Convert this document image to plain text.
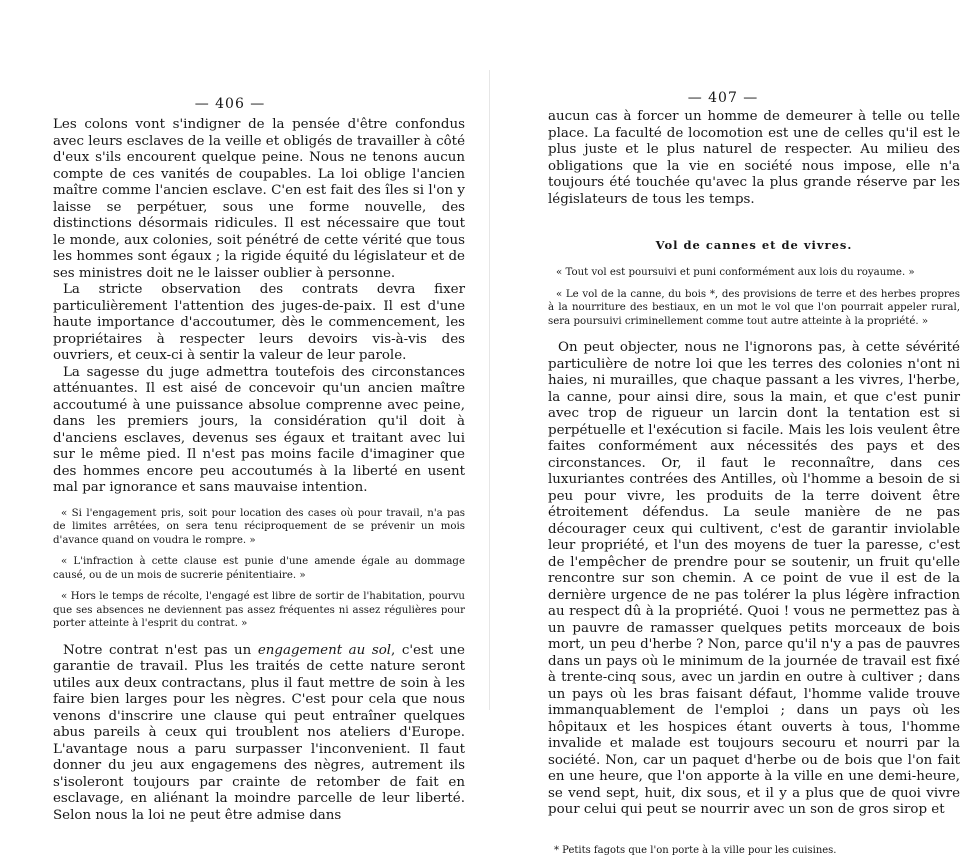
— 406 —

Les colons vont s'indigner de la pensée d'être confondus avec leurs esclaves de la veille et obligés de travailler à côté d'eux s'ils encourent quelque peine. Nous ne tenons aucun compte de ces vanités de coupables. La loi oblige l'ancien maître comme l'ancien esclave. C'en est fait des îles si l'on y laisse se perpétuer, sous une forme nouvelle, des distinctions désormais ridicules. Il est nécessaire que tout le monde, aux colonies, soit pénétré de cette vérité que tous les hommes sont égaux ; la rigide équité du législateur et de ses ministres doit ne le laisser oublier à personne.

La stricte observation des contrats devra fixer particulièrement l'attention des juges-de-paix. Il est d'une haute importance d'accoutumer, dès le commencement, les propriétaires à respecter leurs devoirs vis-à-vis des ouvriers, et ceux-ci à sentir la valeur de leur parole.

La sagesse du juge admettra toutefois des circonstances atténuantes. Il est aisé de concevoir qu'un ancien maître accoutumé à une puissance absolue comprenne avec peine, dans les premiers jours, la considération qu'il doit à d'anciens esclaves, devenus ses égaux et traitant avec lui sur le même pied. Il n'est pas moins facile d'imaginer que des hommes encore peu accoutumés à la liberté en usent mal par ignorance et sans mauvaise intention.

« Si l'engagement pris, soit pour location des cases où pour travail, n'a pas de limites arrêtées, on sera tenu réciproquement de se prévenir un mois d'avance quand on voudra le rompre. »

« L'infraction à cette clause est punie d'une amende égale au dommage causé, ou de un mois de sucrerie pénitentiaire. »

« Hors le temps de récolte, l'engagé est libre de sortir de l'habitation, pourvu que ses absences ne deviennent pas assez fréquentes ni assez régulières pour porter atteinte à l'esprit du contrat. »

Notre contrat n'est pas un engagement au sol, c'est une garantie de travail. Plus les traités de cette nature seront utiles aux deux contractans, plus il faut mettre de soin à les faire bien larges pour les nègres. C'est pour cela que nous venons d'inscrire une clause qui peut entraîner quelques abus pareils à ceux qui troublent nos ateliers d'Europe. L'avantage nous a paru surpasser l'inconvenient. Il faut donner du jeu aux engagemens des nègres, autrement ils s'isoleront toujours par crainte de retomber de fait en esclavage, en aliénant la moindre parcelle de leur liberté. Selon nous la loi ne peut être admise dans

— 407 —

aucun cas à forcer un homme de demeurer à telle ou telle place. La faculté de locomotion est une de celles qu'il est le plus juste et le plus naturel de respecter. Au milieu des obligations que la vie en société nous impose, elle n'a toujours été touchée qu'avec la plus grande réserve par les législateurs de tous les temps.

Vol de cannes et de vivres.

« Tout vol est poursuivi et puni conformément aux lois du royaume. »

« Le vol de la canne, du bois *, des provisions de terre et des herbes propres à la nourriture des bestiaux, en un mot le vol que l'on pourrait appeler rural, sera poursuivi criminellement comme tout autre atteinte à la propriété. »

On peut objecter, nous ne l'ignorons pas, à cette sévérité particulière de notre loi que les terres des colonies n'ont ni haies, ni murailles, que chaque passant a les vivres, l'herbe, la canne, pour ainsi dire, sous la main, et que c'est punir avec trop de rigueur un larcin dont la tentation est si perpétuelle et l'exécution si facile. Mais les lois veulent être faites conformément aux nécessités des pays et des circonstances. Or, il faut le reconnaître, dans ces luxuriantes contrées des Antilles, où l'homme a besoin de si peu pour vivre, les produits de la terre doivent être étroitement défendus. La seule manière de ne pas décourager ceux qui cultivent, c'est de garantir inviolable leur propriété, et l'un des moyens de tuer la paresse, c'est de l'empêcher de prendre pour se soutenir, un fruit qu'elle rencontre sur son chemin. A ce point de vue il est de la dernière urgence de ne pas tolérer la plus légère infraction au respect dû à la propriété. Quoi ! vous ne permettez pas à un pauvre de ramasser quelques petits morceaux de bois mort, un peu d'herbe ? Non, parce qu'il n'y a pas de pauvres dans un pays où le minimum de la journée de travail est fixé à trente-cinq sous, avec un jardin en outre à cultiver ; dans un pays où les bras faisant défaut, l'homme valide trouve immanquablement de l'emploi ; dans un pays où les hôpitaux et les hospices étant ouverts à tous, l'homme invalide et malade est toujours secouru et nourri par la société. Non, car un paquet d'herbe ou de bois que l'on fait en une heure, que l'on apporte à la ville en une demi-heure, se vend sept, huit, dix sous, et il y a plus que de quoi vivre pour celui qui peut se nourrir avec un son de gros sirop et

* Petits fagots que l'on porte à la ville pour les cuisines.
